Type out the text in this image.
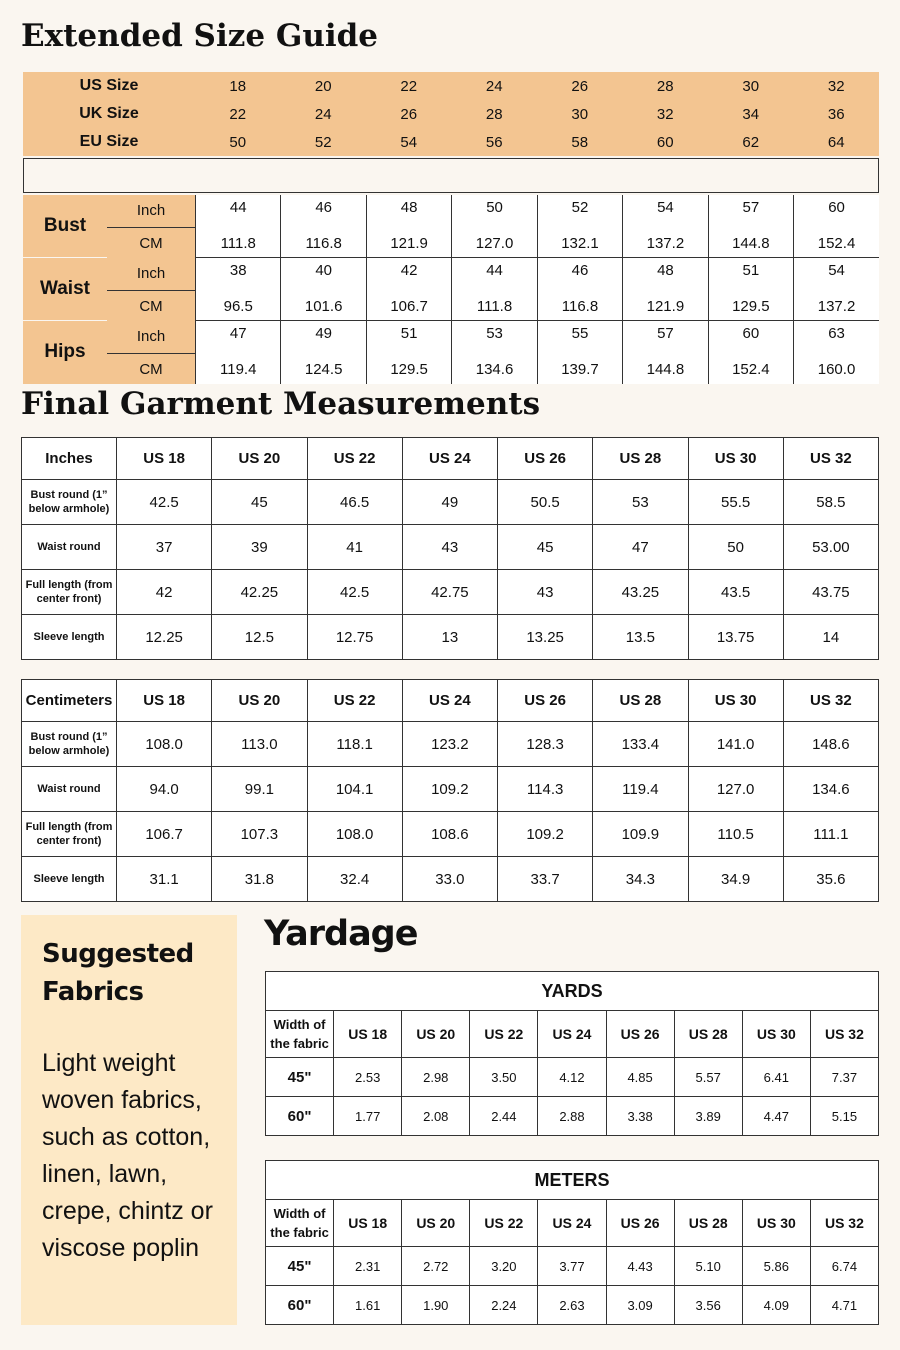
Extended Size Guide
US Size	18	20	22	24	26	28	30	32
UK Size	22	24	26	28	30	32	34	36
EU Size	50	52	54	56	58	60	62	64
Bust	Inch	44	46	48	50	52	54	57	60
	CM	111.8	116.8	121.9	127.0	132.1	137.2	144.8	152.4
Waist	Inch	38	40	42	44	46	48	51	54
	CM	96.5	101.6	106.7	111.8	116.8	121.9	129.5	137.2
Hips	Inch	47	49	51	53	55	57	60	63
	CM	119.4	124.5	129.5	134.6	139.7	144.8	152.4	160.0
Final Garment Measurements
Inches	US 18	US 20	US 22	US 24	US 26	US 28	US 30	US 32
Bust round (1” below armhole)	42.5	45	46.5	49	50.5	53	55.5	58.5
Waist round	37	39	41	43	45	47	50	53.00
Full length (from center front)	42	42.25	42.5	42.75	43	43.25	43.5	43.75
Sleeve length	12.25	12.5	12.75	13	13.25	13.5	13.75	14
Centimeters	US 18	US 20	US 22	US 24	US 26	US 28	US 30	US 32
Bust round (1” below armhole)	108.0	113.0	118.1	123.2	128.3	133.4	141.0	148.6
Waist round	94.0	99.1	104.1	109.2	114.3	119.4	127.0	134.6
Full length (from center front)	106.7	107.3	108.0	108.6	109.2	109.9	110.5	111.1
Sleeve length	31.1	31.8	32.4	33.0	33.7	34.3	34.9	35.6
Suggested Fabrics
Light weight woven fabrics, such as cotton, linen, lawn, crepe, chintz or viscose poplin
Yardage
YARDS								
Width of the fabric	US 18	US 20	US 22	US 24	US 26	US 28	US 30	US 32
45"	2.53	2.98	3.50	4.12	4.85	5.57	6.41	7.37
60"	1.77	2.08	2.44	2.88	3.38	3.89	4.47	5.15
METERS								
Width of the fabric	US 18	US 20	US 22	US 24	US 26	US 28	US 30	US 32
45"	2.31	2.72	3.20	3.77	4.43	5.10	5.86	6.74
60"	1.61	1.90	2.24	2.63	3.09	3.56	4.09	4.71
